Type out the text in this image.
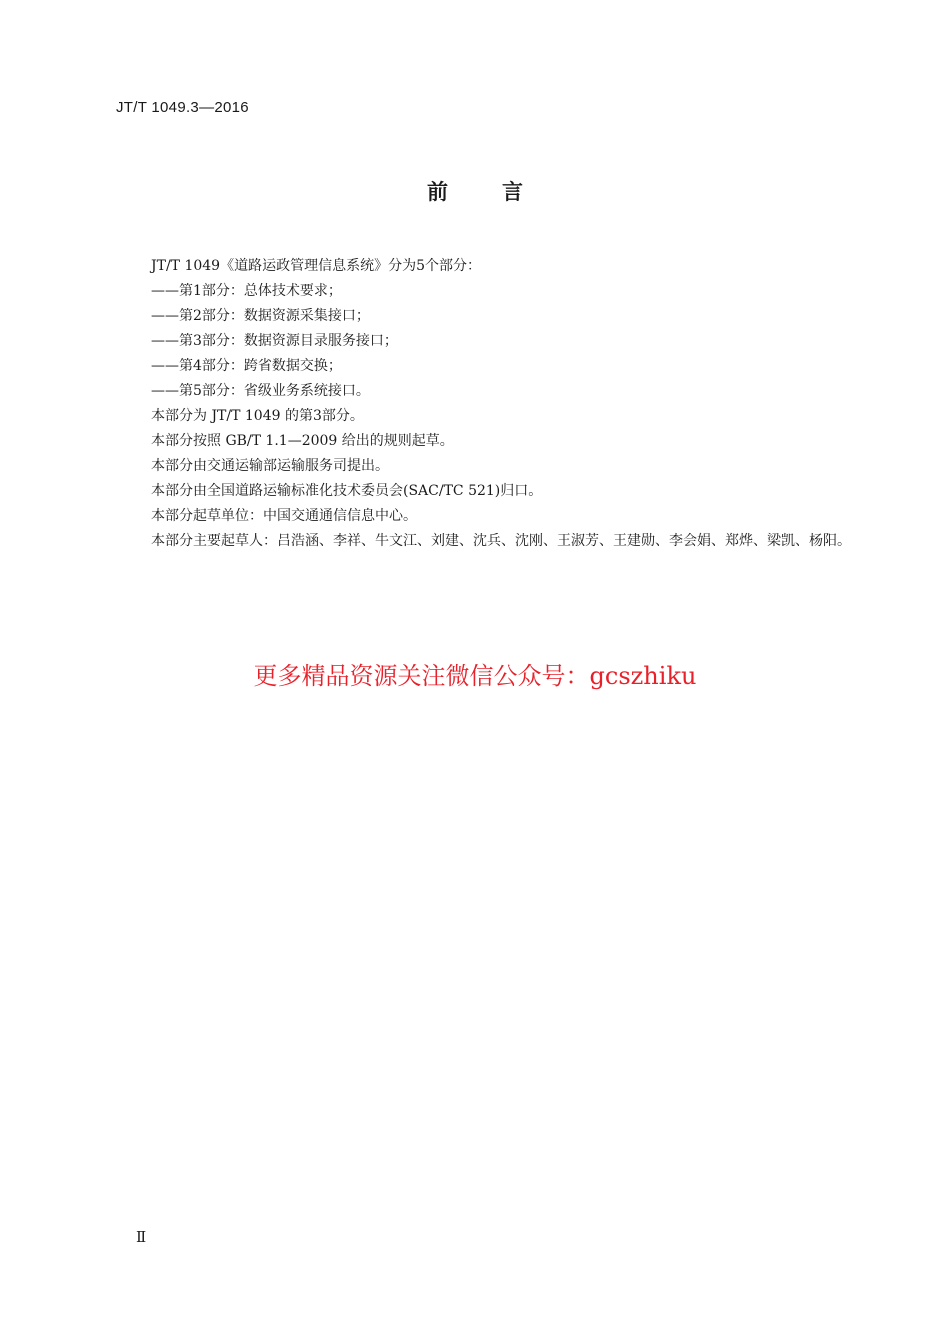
JT/T 1049.3—2016
前言

JT/T 1049《道路运政管理信息系统》分为5个部分：

——第1部分：总体技术要求；

——第2部分：数据资源采集接口；

——第3部分：数据资源目录服务接口；

——第4部分：跨省数据交换；

——第5部分：省级业务系统接口。

本部分为 JT/T 1049 的第3部分。

本部分按照 GB/T 1.1—2009 给出的规则起草。

本部分由交通运输部运输服务司提出。

本部分由全国道路运输标准化技术委员会(SAC/TC 521)归口。

本部分起草单位：中国交通通信信息中心。

本部分主要起草人：吕浩涵、李祥、牛文江、刘建、沈兵、沈刚、王淑芳、王建勋、李会娟、郑烨、梁凯、杨阳。

更多精品资源关注微信公众号：gcszhiku
Ⅱ
